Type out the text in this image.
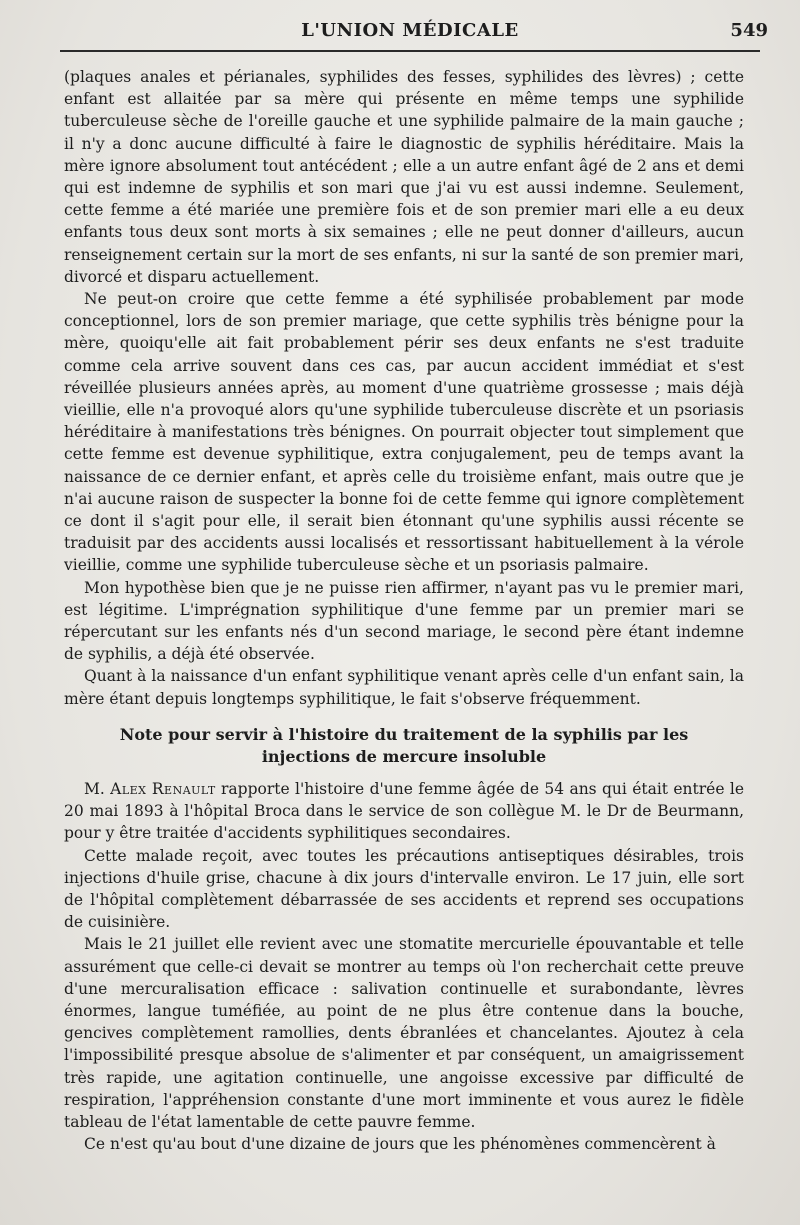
L'UNION MÉDICALE	549

(plaques anales et périanales, syphilides des fesses, syphilides des lèvres) ; cette enfant est allaitée par sa mère qui présente en même temps une syphilide tuberculeuse sèche de l'oreille gauche et une syphilide palmaire de la main gauche ; il n'y a donc aucune difficulté à faire le diagnostic de syphilis héréditaire. Mais la mère ignore absolument tout antécédent ; elle a un autre enfant âgé de 2 ans et demi qui est indemne de syphilis et son mari que j'ai vu est aussi indemne. Seulement, cette femme a été mariée une première fois et de son premier mari elle a eu deux enfants tous deux sont morts à six semaines ; elle ne peut donner d'ailleurs, aucun renseignement certain sur la mort de ses enfants, ni sur la santé de son premier mari, divorcé et disparu actuellement.

Ne peut-on croire que cette femme a été syphilisée probablement par mode conceptionnel, lors de son premier mariage, que cette syphilis très bénigne pour la mère, quoiqu'elle ait fait probablement périr ses deux enfants ne s'est traduite comme cela arrive souvent dans ces cas, par aucun accident immédiat et s'est réveillée plusieurs années après, au moment d'une quatrième grossesse ; mais déjà vieillie, elle n'a provoqué alors qu'une syphilide tuberculeuse discrète et un psoriasis héréditaire à manifestations très bénignes. On pourrait objecter tout simplement que cette femme est devenue syphilitique, extra conjugalement, peu de temps avant la naissance de ce dernier enfant, et après celle du troisième enfant, mais outre que je n'ai aucune raison de suspecter la bonne foi de cette femme qui ignore complètement ce dont il s'agit pour elle, il serait bien étonnant qu'une syphilis aussi récente se traduisit par des accidents aussi localisés et ressortissant habituellement à la vérole vieillie, comme une syphilide tuberculeuse sèche et un psoriasis palmaire.

Mon hypothèse bien que je ne puisse rien affirmer, n'ayant pas vu le premier mari, est légitime. L'imprégnation syphilitique d'une femme par un premier mari se répercutant sur les enfants nés d'un second mariage, le second père étant indemne de syphilis, a déjà été observée.

Quant à la naissance d'un enfant syphilitique venant après celle d'un enfant sain, la mère étant depuis longtemps syphilitique, le fait s'observe fréquemment.

Note pour servir à l'histoire du traitement de la syphilis par les injections de mercure insoluble

M. Alex Renault rapporte l'histoire d'une femme âgée de 54 ans qui était entrée le 20 mai 1893 à l'hôpital Broca dans le service de son collègue M. le Dr de Beurmann, pour y être traitée d'accidents syphilitiques secondaires.

Cette malade reçoit, avec toutes les précautions antiseptiques désirables, trois injections d'huile grise, chacune à dix jours d'intervalle environ. Le 17 juin, elle sort de l'hôpital complètement débarrassée de ses accidents et reprend ses occupations de cuisinière.

Mais le 21 juillet elle revient avec une stomatite mercurielle épouvantable et telle assurément que celle-ci devait se montrer au temps où l'on recherchait cette preuve d'une mercuralisation efficace : salivation continuelle et surabondante, lèvres énormes, langue tuméfiée, au point de ne plus être contenue dans la bouche, gencives complètement ramollies, dents ébranlées et chancelantes. Ajoutez à cela l'impossibilité presque absolue de s'alimenter et par conséquent, un amaigrissement très rapide, une agitation continuelle, une angoisse excessive par difficulté de respiration, l'appréhension constante d'une mort imminente et vous aurez le fidèle tableau de l'état lamentable de cette pauvre femme.

Ce n'est qu'au bout d'une dizaine de jours que les phénomènes commencèrent à
